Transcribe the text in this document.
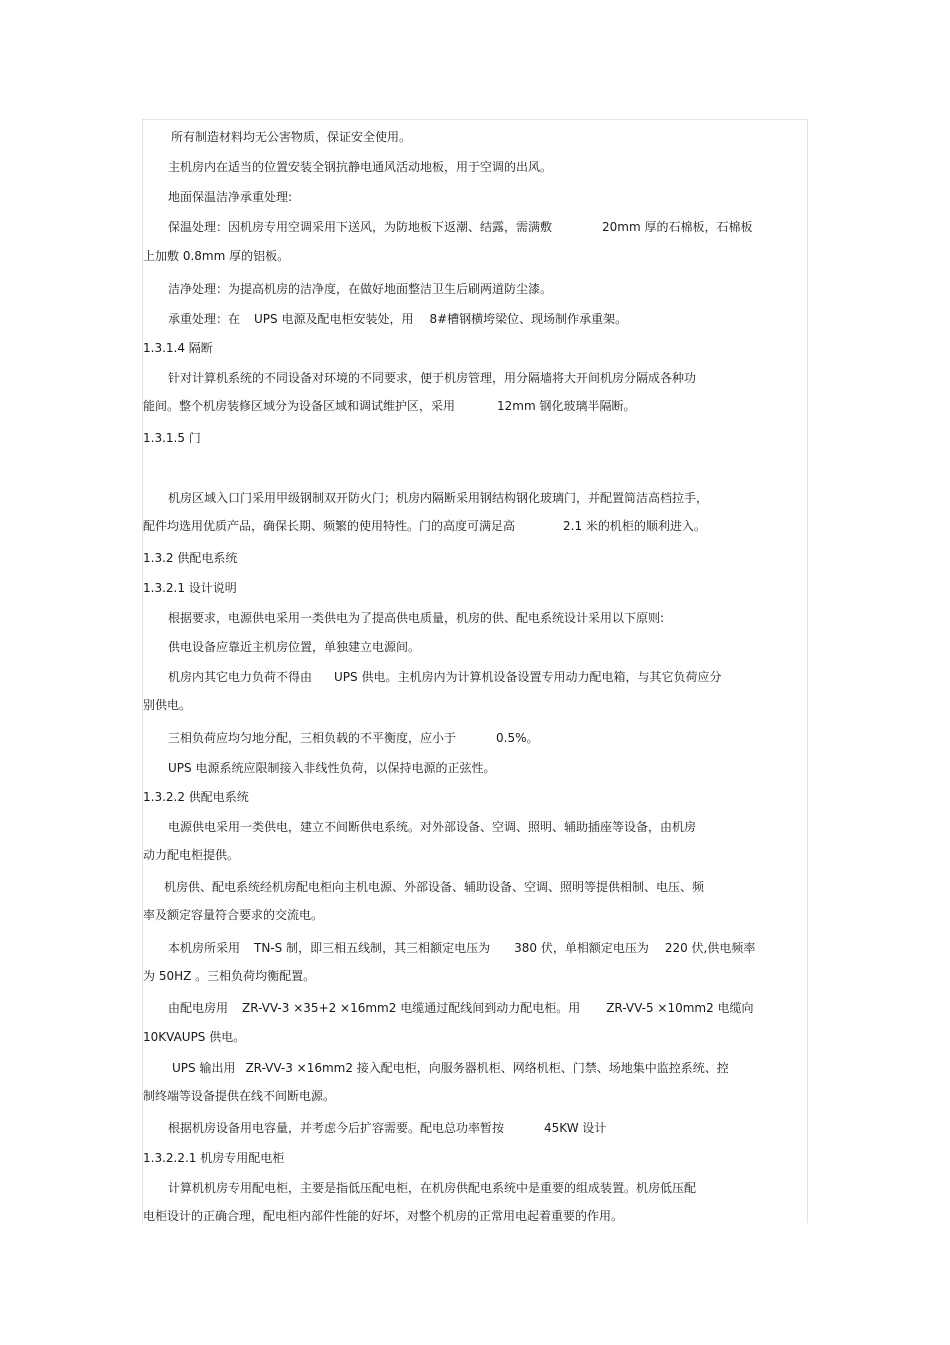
所有制造材料均无公害物质，保证安全使用。
主机房内在适当的位置安装全钢抗静电通风活动地板，用于空调的出风。
地面保温洁净承重处理:
保温处理：因机房专用空调采用下送风，为防地板下返潮、结露，需满敷	20mm 厚的石棉板，石棉板
上加敷 0.8mm 厚的铝板。
洁净处理：为提高机房的洁净度，在做好地面整洁卫生后刷两道防尘漆。
承重处理：在 UPS 电源及配电柜安装处，用 8#槽钢横垮梁位、现场制作承重架。
1.3.1.4 隔断
针对计算机系统的不同设备对环境的不同要求，便于机房管理，用分隔墙将大开间机房分隔成各种功
能间。整个机房装修区域分为设备区域和调试维护区，采用	12mm 钢化玻璃半隔断。
1.3.1.5 门
机房区域入口门采用甲级钢制双开防火门；机房内隔断采用钢结构钢化玻璃门，并配置简洁高档拉手，
配件均选用优质产品，确保长期、频繁的使用特性。门的高度可满足高	2.1 米的机柜的顺利进入。
1.3.2 供配电系统
1.3.2.1 设计说明
根据要求，电源供电采用一类供电为了提高供电质量，机房的供、配电系统设计采用以下原则:
供电设备应靠近主机房位置，单独建立电源间。
机房内其它电力负荷不得由 UPS 供电。主机房内为计算机设备设置专用动力配电箱，与其它负荷应分
别供电。
三相负荷应均匀地分配，三相负载的不平衡度，应小于	0.5%。
UPS 电源系统应限制接入非线性负荷，以保持电源的正弦性。
1.3.2.2 供配电系统
电源供电采用一类供电，建立不间断供电系统。对外部设备、空调、照明、辅助插座等设备，由机房
动力配电柜提供。
机房供、配电系统经机房配电柜向主机电源、外部设备、辅助设备、空调、照明等提供相制、电压、频
率及额定容量符合要求的交流电。
本机房所采用 TN-S 制，即三相五线制，其三相额定电压为 380 伏，单相额定电压为 220 伏,供电频率
为 50HZ 。三相负荷均衡配置。
由配电房用 ZR-VV-3 ×35+2 ×16mm2 电缆通过配线间到动力配电柜。用 ZR-VV-5 ×10mm2 电缆向
10KVAUPS 供电。
UPS 输出用 ZR-VV-3 ×16mm2 接入配电柜，向服务器机柜、网络机柜、门禁、场地集中监控系统、控
制终端等设备提供在线不间断电源。
根据机房设备用电容量，并考虑今后扩容需要。配电总功率暂按	45KW 设计
1.3.2.2.1 机房专用配电柜
计算机机房专用配电柜，主要是指低压配电柜，在机房供配电系统中是重要的组成装置。机房低压配
电柜设计的正确合理，配电柜内部件性能的好坏，对整个机房的正常用电起着重要的作用。
